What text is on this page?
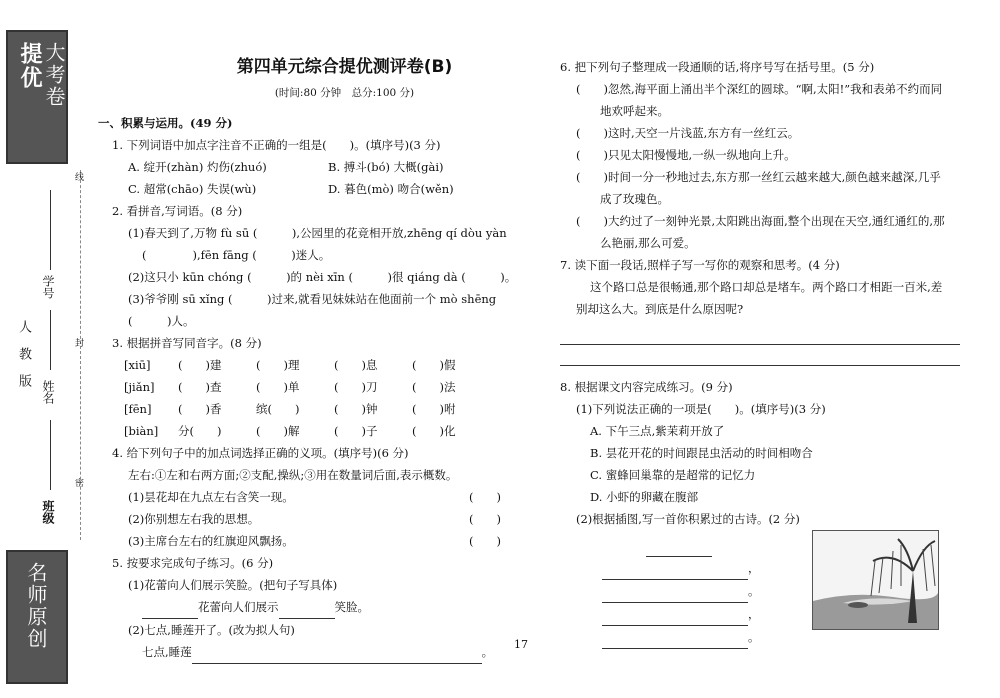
提优 大考卷
人教版
学号
姓名
班级
线
封
密
名师原创
第四单元综合提优测评卷(B)
(时间:80 分钟　总分:100 分)
一、积累与运用。(49 分)
1. 下列词语中加点字注音不正确的一组是(　　)。(填序号)(3 分)
A. 绽开(zhàn) 灼伤(zhuó)	B. 搏斗(bó) 大概(gài)
C. 超常(chāo) 失误(wù)	D. 暮色(mò) 吻合(wěn)
2. 看拼音,写词语。(8 分)
(1)春天到了,万物 fù sū (　　　),公园里的花竞相开放,zhēng qí dòu yàn
(　　　　),fēn fāng (　　　)迷人。
(2)这只小 kūn chóng (　　　)的 nèi xīn (　　　)很 qiáng dà (　　　)。
(3)爷爷刚 sū xǐng (　　　)过来,就看见妹妹站在他面前一个 mò shēng (　　　)人。
3. 根据拼音写同音字。(8 分)
[xiū]	(　　)建	(　　)理	(　　)息	(　　)假
[jiǎn]	(　　)查	(　　)单	(　　)刀	(　　)法
[fēn]	(　　)香	缤(　　)	(　　)钟	(　　)咐
[biàn]	分(　　)	(　　)解	(　　)子	(　　)化
4. 给下列句子中的加点词选择正确的义项。(填序号)(6 分)
左右:①左和右两方面;②支配,操纵;③用在数量词后面,表示概数。
(1)昙花却在九点左右含笑一现。	(　　)
(2)你别想左右我的思想。	(　　)
(3)主席台左右的红旗迎风飘扬。	(　　)
5. 按要求完成句子练习。(6 分)
(1)花蕾向人们展示笑脸。(把句子写具体)
花蕾向人们展示	笑脸。
(2)七点,睡莲开了。(改为拟人句)
七点,睡莲	。
6. 把下列句子整理成一段通顺的话,将序号写在括号里。(5 分)
(　　)忽然,海平面上涌出半个深红的圆球。“啊,太阳!”我和表弟不约而同
地欢呼起来。
(　　)这时,天空一片浅蓝,东方有一丝红云。
(　　)只见太阳慢慢地,一纵一纵地向上升。
(　　)时间一分一秒地过去,东方那一丝红云越来越大,颜色越来越深,几乎
成了玫瑰色。
(　　)大约过了一刻钟光景,太阳跳出海面,整个出现在天空,通红通红的,那
么艳丽,那么可爱。
7. 读下面一段话,照样子写一写你的观察和思考。(4 分)
这个路口总是很畅通,那个路口却总是堵车。两个路口才相距一百米,差
别却这么大。到底是什么原因呢?
8. 根据课文内容完成练习。(9 分)
(1)下列说法正确的一项是(　　)。(填序号)(3 分)
A. 下午三点,紫茉莉开放了
B. 昙花开花的时间跟昆虫活动的时间相吻合
C. 蜜蜂回巢靠的是超常的记忆力
D. 小虾的卵藏在腹部
(2)根据插图,写一首你积累过的古诗。(2 分)

，
。
，
。
17
